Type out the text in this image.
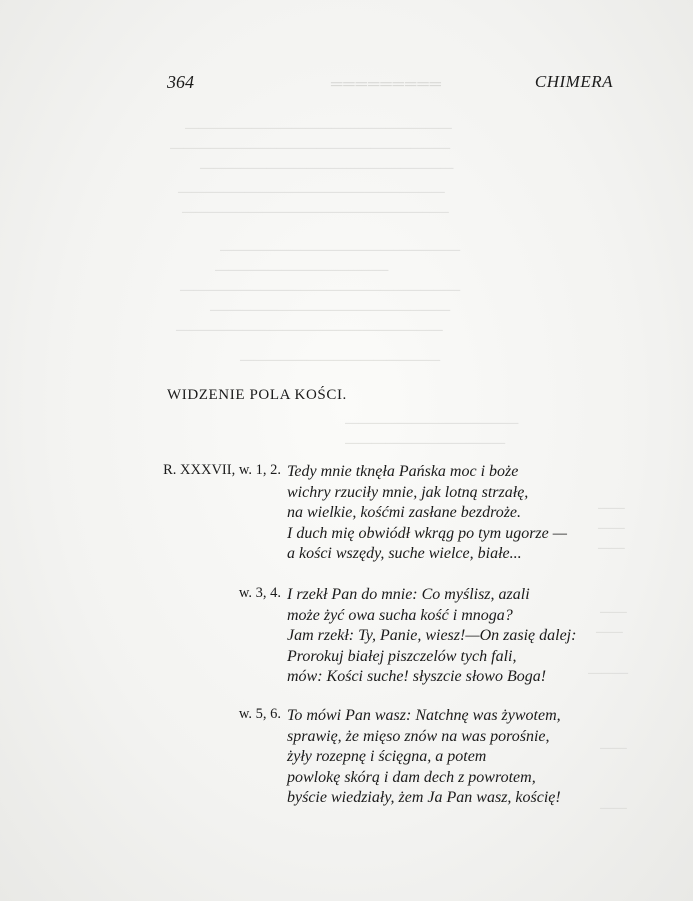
═════════
————————————————————
—————————————————————
———————————————————
————————————————————
————————————————————
——————————————————
—————————————
—————————————————————
——————————————————
————————————————————
———————————————
—————————————
————————————
——
——
——
——
——
———
——
——
364	CHIMERA
WIDZENIE POLA KOŚCI.
R. XXXVII, w. 1, 2. Tedy mnie tknęła Pańska moc i boże
wichry rzuciły mnie, jak lotną strzałę,
na wielkie, kośćmi zasłane bezdroże.
I duch mię obwiódł wkrąg po tym ugorze —
a kości wszędy, suche wielce, białe...
w. 3, 4. I rzekł Pan do mnie: Co myślisz, azali
może żyć owa sucha kość i mnoga?
Jam rzekł: Ty, Panie, wiesz!—On zasię dalej:
Prorokuj białej piszczelów tych fali,
mów: Kości suche! słyszcie słowo Boga!
w. 5, 6. To mówi Pan wasz: Natchnę was żywotem,
sprawię, że mięso znów na was porośnie,
żyły rozepnę i ścięgna, a potem
powlokę skórą i dam dech z powrotem,
byście wiedziały, żem Ja Pan wasz, kościę!
